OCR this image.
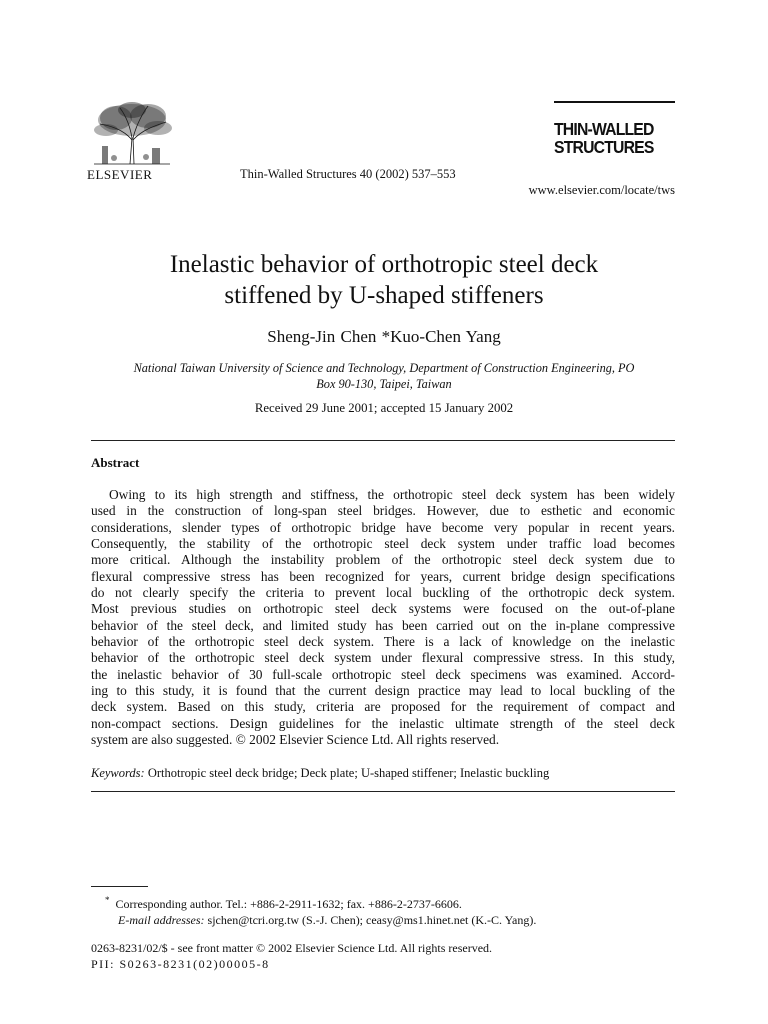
ELSEVIER	Thin-Walled Structures 40 (2002) 537–553
THIN-WALLED
STRUCTURES
www.elsevier.com/locate/tws
Inelastic behavior of orthotropic steel deck
stiffened by U-shaped stiffeners
Sheng-Jin Chen *Kuo-Chen Yang
National Taiwan University of Science and Technology, Department of Construction Engineering, PO
Box 90-130, Taipei, Taiwan
Received 29 June 2001; accepted 15 January 2002
Abstract
Owing to its high strength and stiffness, the orthotropic steel deck system has been widely
used in the construction of long-span steel bridges. However, due to esthetic and economic
considerations, slender types of orthotropic bridge have become very popular in recent years.
Consequently, the stability of the orthotropic steel deck system under traffic load becomes
more critical. Although the instability problem of the orthotropic steel deck system due to
flexural compressive stress has been recognized for years, current bridge design specifications
do not clearly specify the criteria to prevent local buckling of the orthotropic deck system.
Most previous studies on orthotropic steel deck systems were focused on the out-of-plane
behavior of the steel deck, and limited study has been carried out on the in-plane compressive
behavior of the orthotropic steel deck system. There is a lack of knowledge on the inelastic
behavior of the orthotropic steel deck system under flexural compressive stress. In this study,
the inelastic behavior of 30 full-scale orthotropic steel deck specimens was examined. Accord-
ing to this study, it is found that the current design practice may lead to local buckling of the
deck system. Based on this study, criteria are proposed for the requirement of compact and
non-compact sections. Design guidelines for the inelastic ultimate strength of the steel deck
system are also suggested. © 2002 Elsevier Science Ltd. All rights reserved.
Keywords: Orthotropic steel deck bridge; Deck plate; U-shaped stiffener; Inelastic buckling
* Corresponding author. Tel.: +886-2-2911-1632; fax. +886-2-2737-6606.
E-mail addresses: sjchen@tcri.org.tw (S.-J. Chen); ceasy@ms1.hinet.net (K.-C. Yang).
0263-8231/02/$ - see front matter © 2002 Elsevier Science Ltd. All rights reserved.
PII: S0263-8231(02)00005-8
